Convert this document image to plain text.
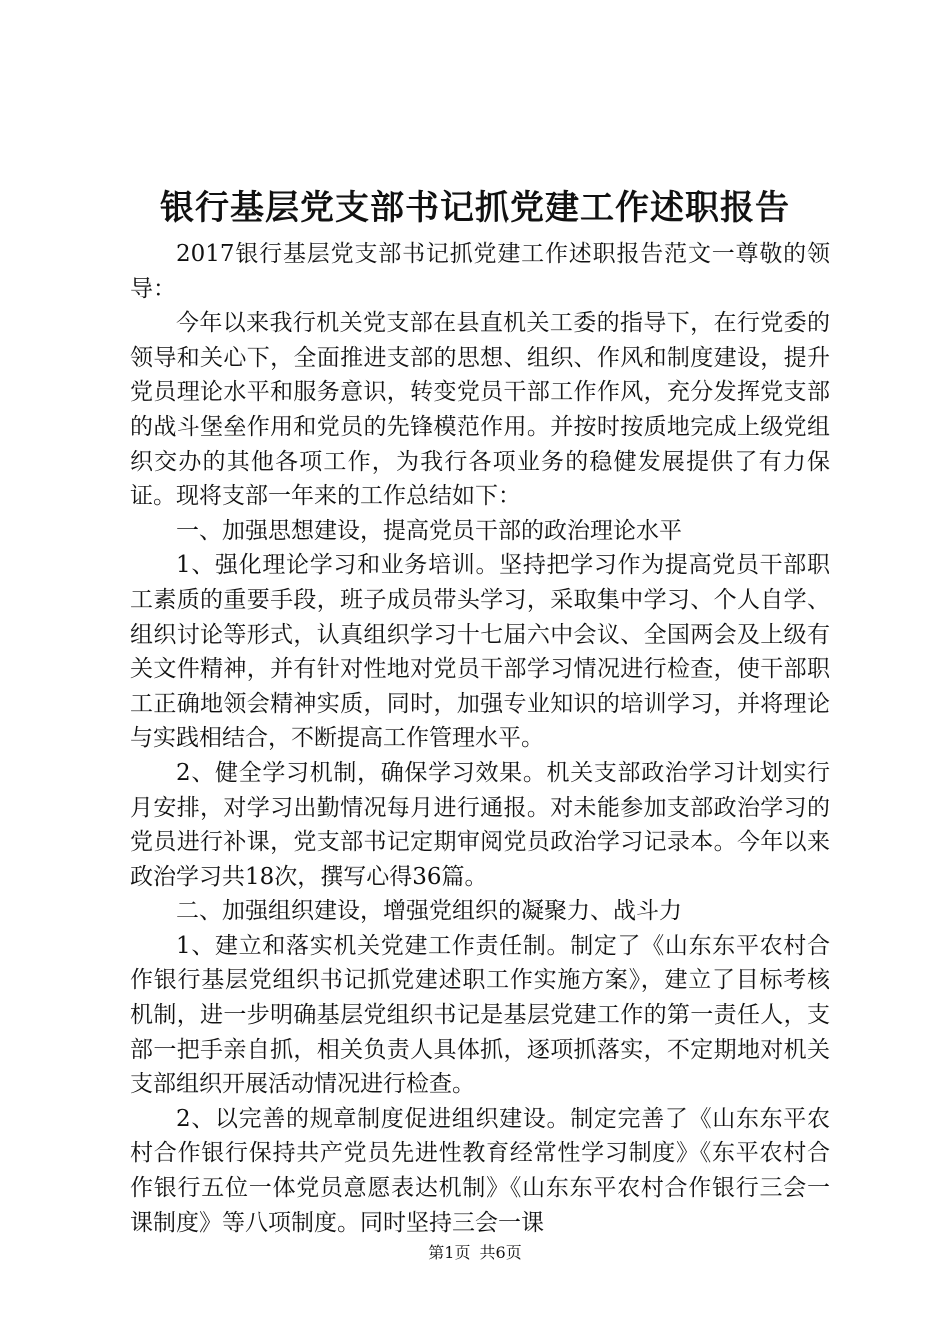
银行基层党支部书记抓党建工作述职报告

2017银行基层党支部书记抓党建工作述职报告范文一尊敬的领导：

今年以来我行机关党支部在县直机关工委的指导下，在行党委的领导和关心下，全面推进支部的思想、组织、作风和制度建设，提升党员理论水平和服务意识，转变党员干部工作作风，充分发挥党支部的战斗堡垒作用和党员的先锋模范作用。并按时按质地完成上级党组织交办的其他各项工作，为我行各项业务的稳健发展提供了有力保证。现将支部一年来的工作总结如下：

一、加强思想建设，提高党员干部的政治理论水平

1、强化理论学习和业务培训。坚持把学习作为提高党员干部职工素质的重要手段，班子成员带头学习，采取集中学习、个人自学、组织讨论等形式，认真组织学习十七届六中会议、全国两会及上级有关文件精神，并有针对性地对党员干部学习情况进行检查，使干部职工正确地领会精神实质，同时，加强专业知识的培训学习，并将理论与实践相结合，不断提高工作管理水平。

2、健全学习机制，确保学习效果。机关支部政治学习计划实行月安排，对学习出勤情况每月进行通报。对未能参加支部政治学习的党员进行补课，党支部书记定期审阅党员政治学习记录本。今年以来政治学习共18次，撰写心得36篇。

二、加强组织建设，增强党组织的凝聚力、战斗力

1、建立和落实机关党建工作责任制。制定了《山东东平农村合作银行基层党组织书记抓党建述职工作实施方案》，建立了目标考核机制，进一步明确基层党组织书记是基层党建工作的第一责任人，支部一把手亲自抓，相关负责人具体抓，逐项抓落实，不定期地对机关支部组织开展活动情况进行检查。

2、以完善的规章制度促进组织建设。制定完善了《山东东平农村合作银行保持共产党员先进性教育经常性学习制度》《东平农村合作银行五位一体党员意愿表达机制》《山东东平农村合作银行三会一课制度》等八项制度。同时坚持三会一课

第1页 共6页
